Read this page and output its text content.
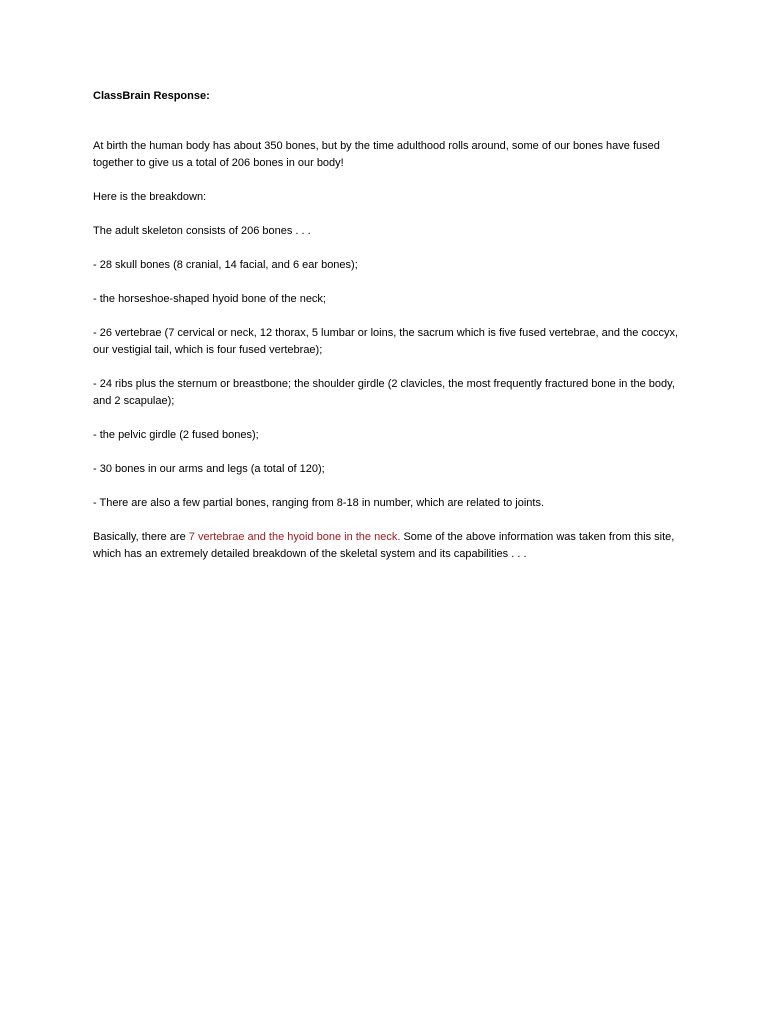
ClassBrain Response:

At birth the human body has about 350 bones, but by the time adulthood rolls around, some of our bones have fused together to give us a total of 206 bones in our body!

Here is the breakdown:

The adult skeleton consists of 206 bones . . .

- 28 skull bones (8 cranial, 14 facial, and 6 ear bones);

- the horseshoe-shaped hyoid bone of the neck;

- 26 vertebrae (7 cervical or neck, 12 thorax, 5 lumbar or loins, the sacrum which is five fused vertebrae, and the coccyx, our vestigial tail, which is four fused vertebrae);

- 24 ribs plus the sternum or breastbone; the shoulder girdle (2 clavicles, the most frequently fractured bone in the body, and 2 scapulae);

- the pelvic girdle (2 fused bones);

- 30 bones in our arms and legs (a total of 120);

- There are also a few partial bones, ranging from 8-18 in number, which are related to joints.

Basically, there are 7 vertebrae and the hyoid bone in the neck. Some of the above information was taken from this site, which has an extremely detailed breakdown of the skeletal system and its capabilities . . .
